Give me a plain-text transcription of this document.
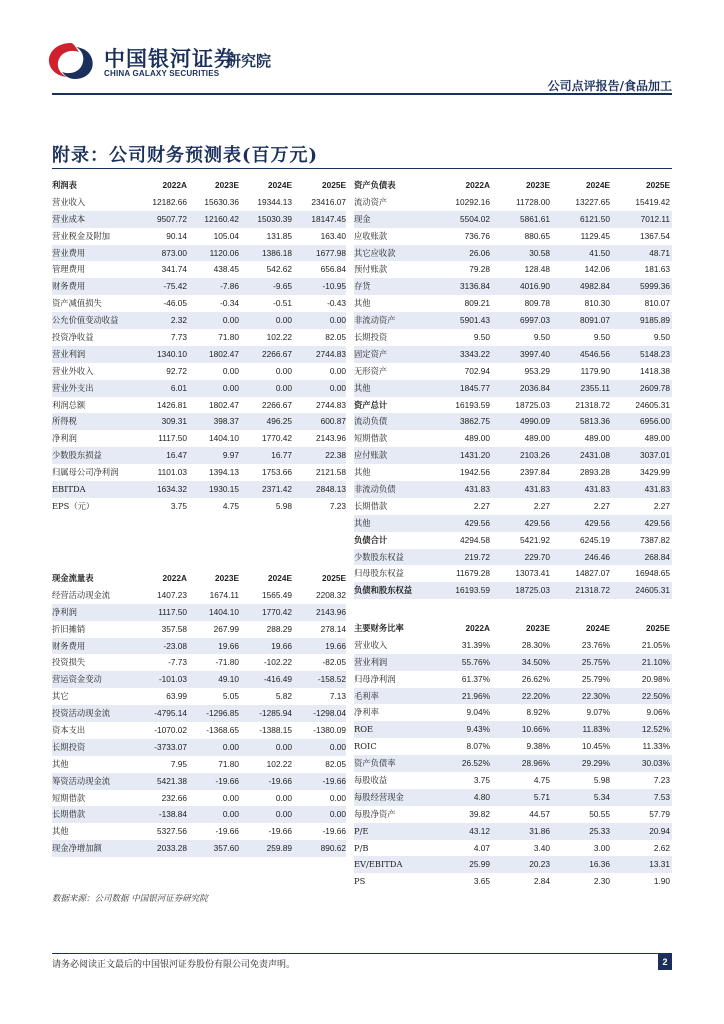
中国银河证券
CHINA GALAXY SECURITIES
研究院
公司点评报告/食品加工
附录：公司财务预测表(百万元)
利润表	2022A	2023E	2024E	2025E
营业收入	12182.66	15630.36	19344.13	23416.07
营业成本	9507.72	12160.42	15030.39	18147.45
营业税金及附加	90.14	105.04	131.85	163.40
营业费用	873.00	1120.06	1386.18	1677.98
管理费用	341.74	438.45	542.62	656.84
财务费用	-75.42	-7.86	-9.65	-10.95
资产减值损失	-46.05	-0.34	-0.51	-0.43
公允价值变动收益	2.32	0.00	0.00	0.00
投资净收益	7.73	71.80	102.22	82.05
营业利润	1340.10	1802.47	2266.67	2744.83
营业外收入	92.72	0.00	0.00	0.00
营业外支出	6.01	0.00	0.00	0.00
利润总额	1426.81	1802.47	2266.67	2744.83
所得税	309.31	398.37	496.25	600.87
净利润	1117.50	1404.10	1770.42	2143.96
少数股东损益	16.47	9.97	16.77	22.38
归属母公司净利润	1101.03	1394.13	1753.66	2121.58
EBITDA	1634.32	1930.15	2371.42	2848.13
EPS（元）	3.75	4.75	5.98	7.23
资产负债表	2022A	2023E	2024E	2025E
流动资产	10292.16	11728.00	13227.65	15419.42
现金	5504.02	5861.61	6121.50	7012.11
应收账款	736.76	880.65	1129.45	1367.54
其它应收款	26.06	30.58	41.50	48.71
预付账款	79.28	128.48	142.06	181.63
存货	3136.84	4016.90	4982.84	5999.36
其他	809.21	809.78	810.30	810.07
非流动资产	5901.43	6997.03	8091.07	9185.89
长期投资	9.50	9.50	9.50	9.50
固定资产	3343.22	3997.40	4546.56	5148.23
无形资产	702.94	953.29	1179.90	1418.38
其他	1845.77	2036.84	2355.11	2609.78
资产总计	16193.59	18725.03	21318.72	24605.31
流动负债	3862.75	4990.09	5813.36	6956.00
短期借款	489.00	489.00	489.00	489.00
应付账款	1431.20	2103.26	2431.08	3037.01
其他	1942.56	2397.84	2893.28	3429.99
非流动负债	431.83	431.83	431.83	431.83
长期借款	2.27	2.27	2.27	2.27
其他	429.56	429.56	429.56	429.56
负债合计	4294.58	5421.92	6245.19	7387.82
少数股东权益	219.72	229.70	246.46	268.84
归母股东权益	11679.28	13073.41	14827.07	16948.65
负债和股东权益	16193.59	18725.03	21318.72	24605.31
现金流量表	2022A	2023E	2024E	2025E
经营活动现金流	1407.23	1674.11	1565.49	2208.32
净利润	1117.50	1404.10	1770.42	2143.96
折旧摊销	357.58	267.99	288.29	278.14
财务费用	-23.08	19.66	19.66	19.66
投资损失	-7.73	-71.80	-102.22	-82.05
营运资金变动	-101.03	49.10	-416.49	-158.52
其它	63.99	5.05	5.82	7.13
投资活动现金流	-4795.14	-1296.85	-1285.94	-1298.04
资本支出	-1070.02	-1368.65	-1388.15	-1380.09
长期投资	-3733.07	0.00	0.00	0.00
其他	7.95	71.80	102.22	82.05
筹资活动现金流	5421.38	-19.66	-19.66	-19.66
短期借款	232.66	0.00	0.00	0.00
长期借款	-138.84	0.00	0.00	0.00
其他	5327.56	-19.66	-19.66	-19.66
现金净增加额	2033.28	357.60	259.89	890.62
主要财务比率	2022A	2023E	2024E	2025E
营业收入	31.39%	28.30%	23.76%	21.05%
营业利润	55.76%	34.50%	25.75%	21.10%
归母净利润	61.37%	26.62%	25.79%	20.98%
毛利率	21.96%	22.20%	22.30%	22.50%
净利率	9.04%	8.92%	9.07%	9.06%
ROE	9.43%	10.66%	11.83%	12.52%
ROIC	8.07%	9.38%	10.45%	11.33%
资产负债率	26.52%	28.96%	29.29%	30.03%
每股收益	3.75	4.75	5.98	7.23
每股经营现金	4.80	5.71	5.34	7.53
每股净资产	39.82	44.57	50.55	57.79
P/E	43.12	31.86	25.33	20.94
P/B	4.07	3.40	3.00	2.62
EV/EBITDA	25.99	20.23	16.36	13.31
PS	3.65	2.84	2.30	1.90
数据来源：公司数据 中国银河证券研究院
请务必阅读正文最后的中国银河证券股份有限公司免责声明。	2
